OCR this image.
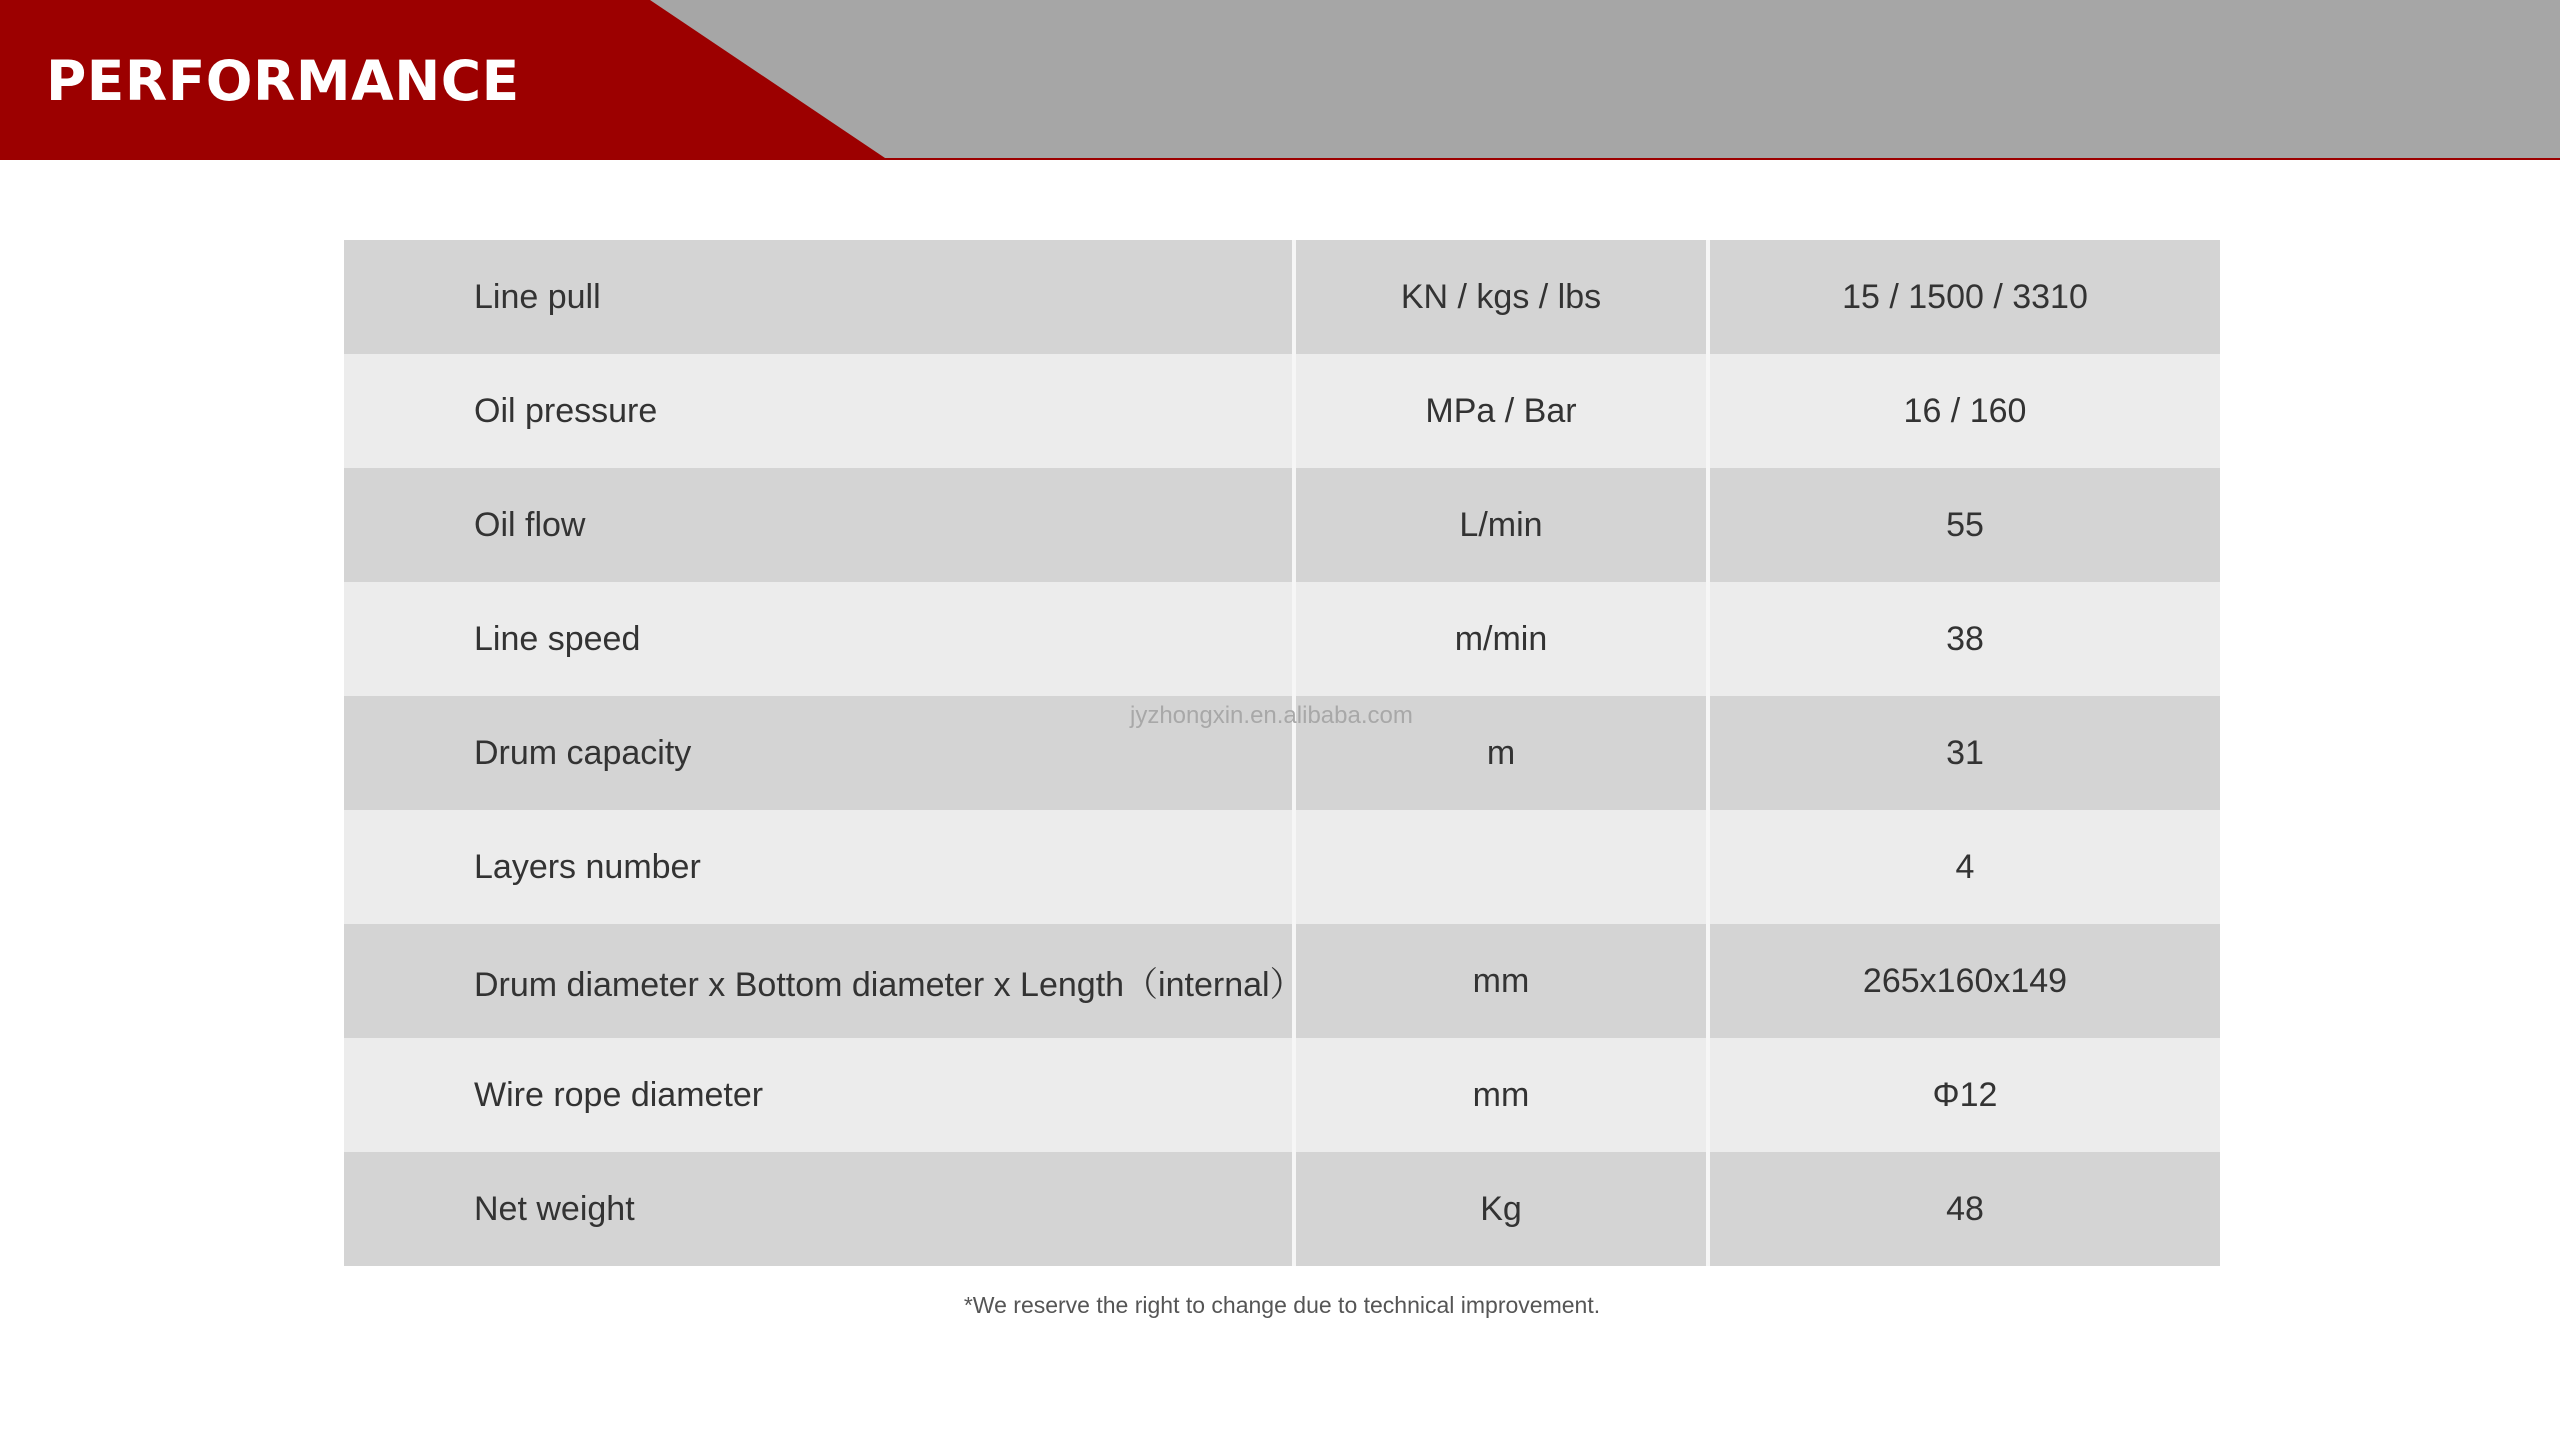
PERFORMANCE
Line pull	KN / kgs / lbs	15 / 1500 / 3310
Oil pressure	MPa / Bar	16 / 160
Oil flow	L/min	55
Line speed	m/min	38
Drum capacity	m	31
Layers number		4
Drum diameter x Bottom diameter x Length（internal）	mm	265x160x149
Wire rope diameter	mm	Φ12
Net weight	Kg	48
jyzhongxin.en.alibaba.com
*We reserve the right to change due to technical improvement.
